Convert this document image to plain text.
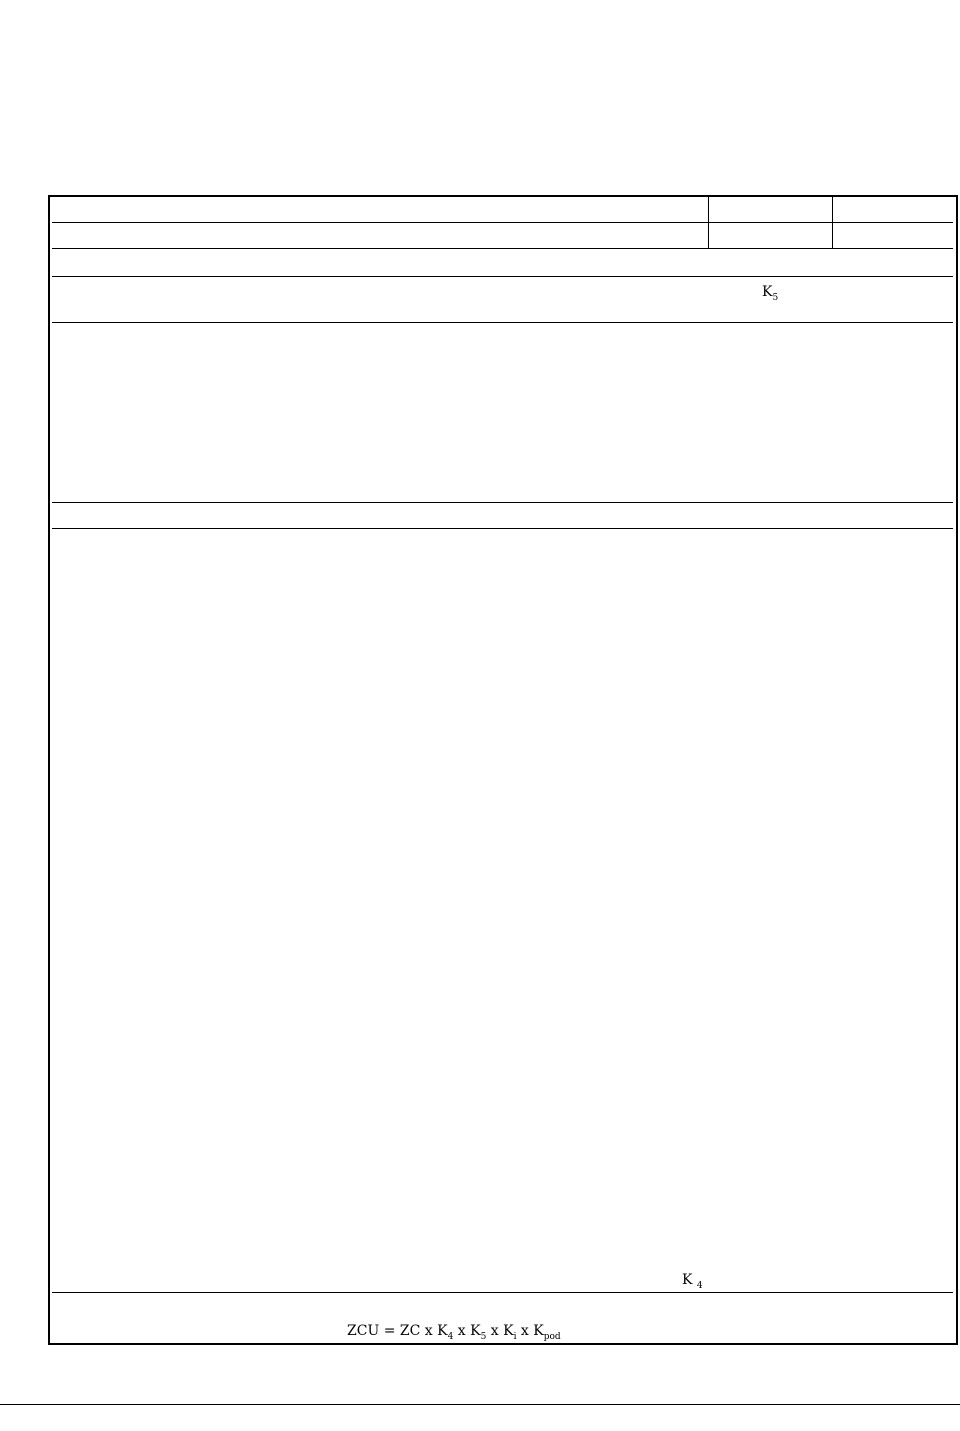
$K_5$
K $_4$
ZCU = ZC x $K_4$ x $K_5$ x $K_i$ x $K_{pod}$
